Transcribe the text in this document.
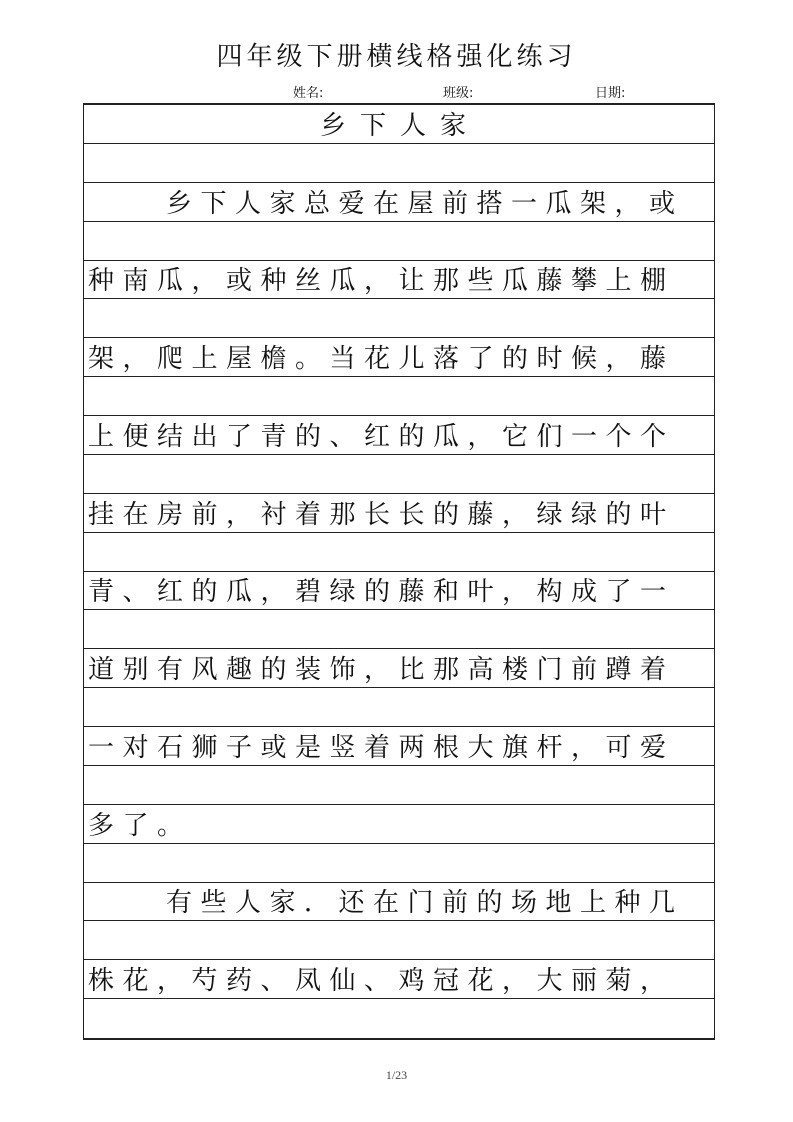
四年级下册横线格强化练习
姓名:	班级:	日期:
乡下人家
乡下人家总爱在屋前搭一瓜架，或
种南瓜，或种丝瓜，让那些瓜藤攀上棚
架，爬上屋檐。当花儿落了的时候，藤
上便结出了青的、红的瓜，它们一个个
挂在房前，衬着那长长的藤，绿绿的叶
青、红的瓜，碧绿的藤和叶，构成了一
道别有风趣的装饰，比那高楼门前蹲着
一对石狮子或是竖着两根大旗杆，可爱
多了。
有些人家．还在门前的场地上种几
株花，芍药、凤仙、鸡冠花，大丽菊，
1/23
